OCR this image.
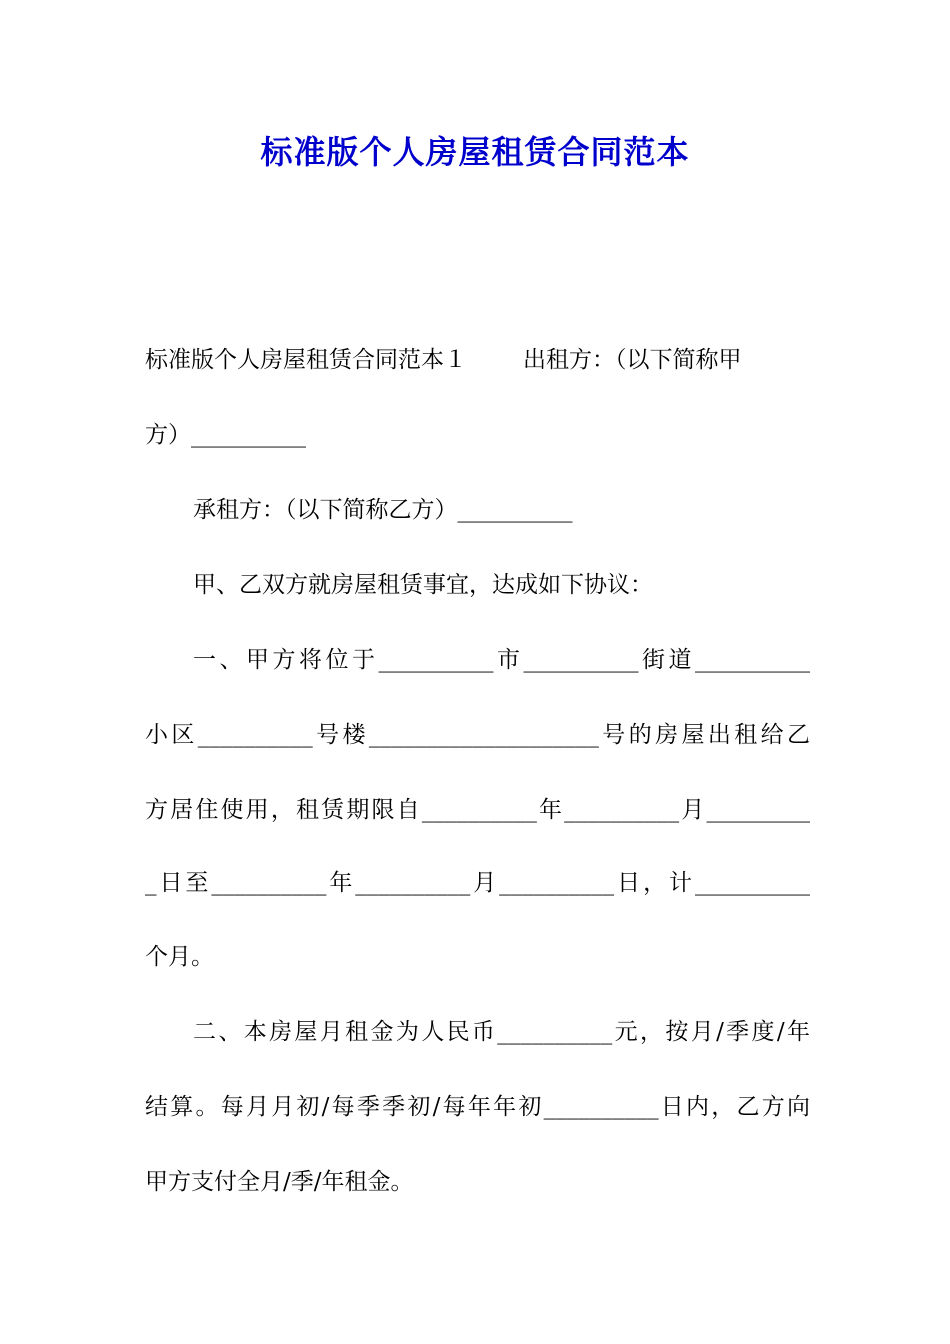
标准版个人房屋租赁合同范本
标准版个人房屋租赁合同范本１ 出租方：（以下简称甲
方）__________
承租方：（以下简称乙方）__________
甲、乙双方就房屋租赁事宜，达成如下协议：
一、甲方将位于__________市__________街道__________
小区__________号楼____________________号的房屋出租给乙
方居住使用，租赁期限自__________年__________月_________
_日至__________年__________月__________日，计__________
个月。
二、本房屋月租金为人民币__________元，按月/季度/年
结算。每月月初/每季季初/每年年初__________日内，乙方向
甲方支付全月/季/年租金。
